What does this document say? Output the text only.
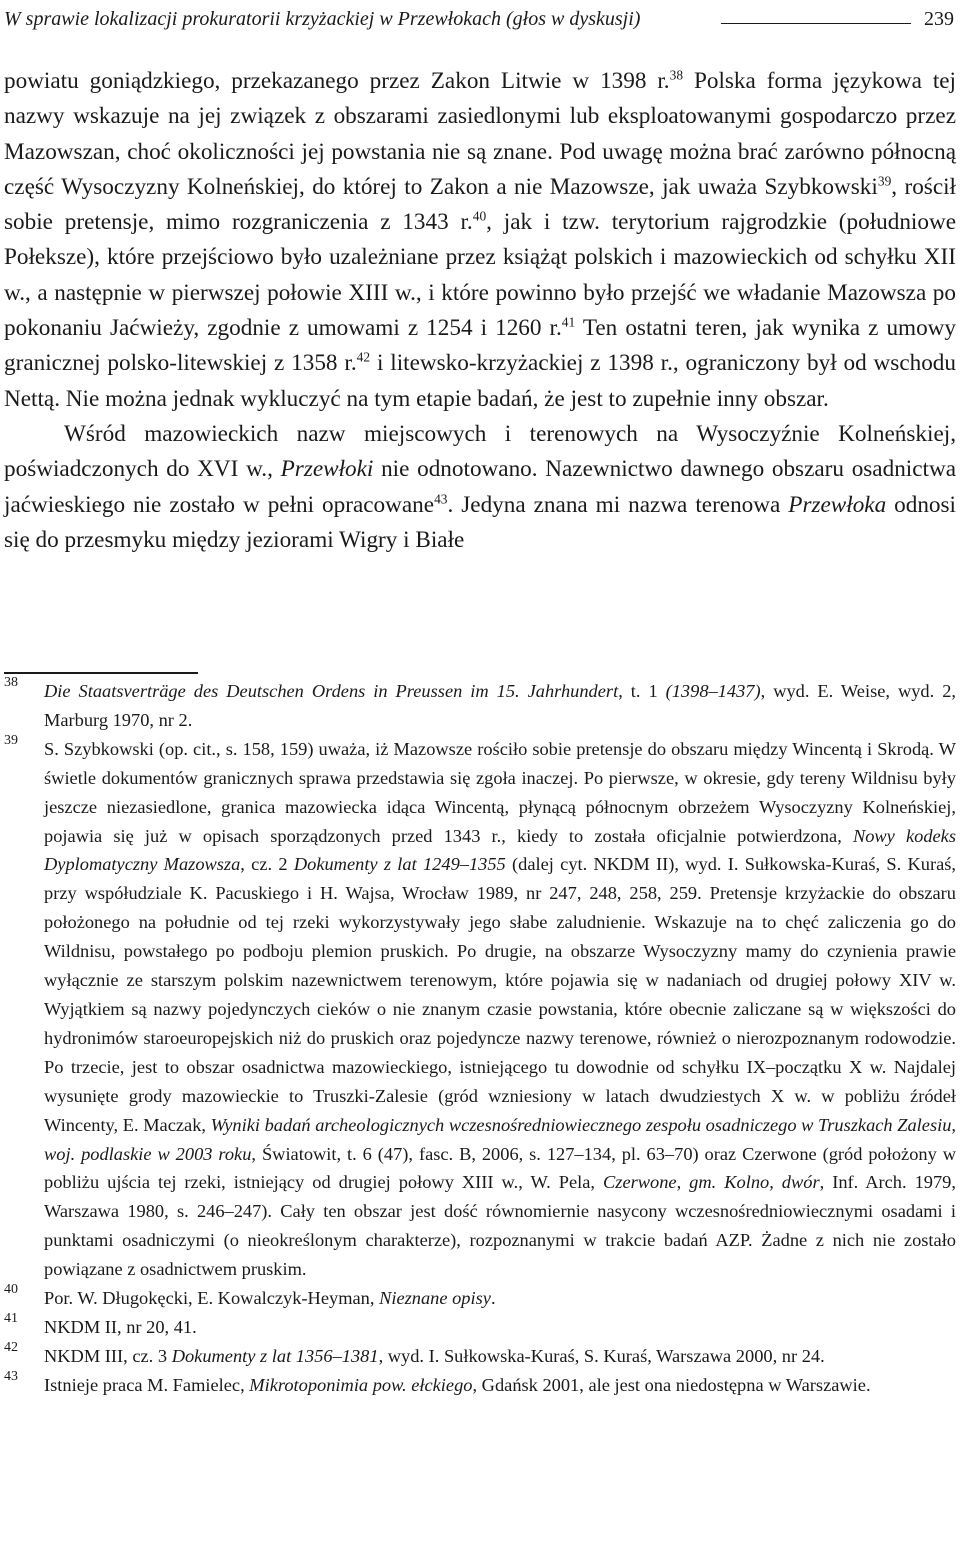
W sprawie lokalizacji prokuratorii krzyżackiej w Przewłokach (głos w dyskusji)	239

powiatu goniądzkiego, przekazanego przez Zakon Litwie w 1398 r.$^{38}$ Polska forma językowa tej nazwy wskazuje na jej związek z obszarami zasiedlonymi lub eksploatowanymi gospodarczo przez Mazowszan, choć okoliczności jej powstania nie są znane. Pod uwagę można brać zarówno północną część Wysoczyzny Kolneńskiej, do której to Zakon a nie Mazowsze, jak uważa Szybkowski$^{39}$, rościł sobie pretensje, mimo rozgraniczenia z 1343 r.$^{40}$, jak i tzw. terytorium rajgrodzkie (południowe Połeksze), które przejściowo było uzależniane przez książąt polskich i mazowieckich od schyłku XII w., a następnie w pierwszej połowie XIII w., i które powinno było przejść we władanie Mazowsza po pokonaniu Jaćwieży, zgodnie z umowami z 1254 i 1260 r.$^{41}$ Ten ostatni teren, jak wynika z umowy granicznej polsko-litewskiej z 1358 r.$^{42}$ i litewsko-krzyżackiej z 1398 r., ograniczony był od wschodu Nettą. Nie można jednak wykluczyć na tym etapie badań, że jest to zupełnie inny obszar.

Wśród mazowieckich nazw miejscowych i terenowych na Wysoczyźnie Kolneńskiej, poświadczonych do XVI w., Przewłoki nie odnotowano. Nazewnictwo dawnego obszaru osadnictwa jaćwieskiego nie zostało w pełni opracowane$^{43}$. Jedyna znana mi nazwa terenowa Przewłoka odnosi się do przesmyku między jeziorami Wigry i Białe

38 Die Staatsverträge des Deutschen Ordens in Preussen im 15. Jahrhundert, t. 1 (1398–1437), wyd. E. Weise, wyd. 2, Marburg 1970, nr 2.
39 S. Szybkowski (op. cit., s. 158, 159) uważa, iż Mazowsze rościło sobie pretensje do obszaru między Wincentą i Skrodą. W świetle dokumentów granicznych sprawa przedstawia się zgoła inaczej. Po pierwsze, w okresie, gdy tereny Wildnisu były jeszcze niezasiedlone, granica mazowiecka idąca Wincentą, płynącą północnym obrzeżem Wysoczyzny Kolneńskiej, pojawia się już w opisach sporządzonych przed 1343 r., kiedy to została oficjalnie potwierdzona, Nowy kodeks Dyplomatyczny Mazowsza, cz. 2 Dokumenty z lat 1249–1355 (dalej cyt. NKDM II), wyd. I. Sułkowska-Kuraś, S. Kuraś, przy współudziale K. Pacuskiego i H. Wajsa, Wrocław 1989, nr 247, 248, 258, 259. Pretensje krzyżackie do obszaru położonego na południe od tej rzeki wykorzystywały jego słabe zaludnienie. Wskazuje na to chęć zaliczenia go do Wildnisu, powstałego po podboju plemion pruskich. Po drugie, na obszarze Wysoczyzny mamy do czynienia prawie wyłącznie ze starszym polskim nazewnictwem terenowym, które pojawia się w nadaniach od drugiej połowy XIV w. Wyjątkiem są nazwy pojedynczych cieków o nie znanym czasie powstania, które obecnie zaliczane są w większości do hydronimów staroeuropejskich niż do pruskich oraz pojedyncze nazwy terenowe, również o nierozpoznanym rodowodzie. Po trzecie, jest to obszar osadnictwa mazowieckiego, istniejącego tu dowodnie od schyłku IX–początku X w. Najdalej wysunięte grody mazowieckie to Truszki-Zalesie (gród wzniesiony w latach dwudziestych X w. w pobliżu źródeł Wincenty, E. Maczak, Wyniki badań archeologicznych wczesnośredniowiecznego zespołu osadniczego w Truszkach Zalesiu, woj. podlaskie w 2003 roku, Światowit, t. 6 (47), fasc. B, 2006, s. 127–134, pl. 63–70) oraz Czerwone (gród położony w pobliżu ujścia tej rzeki, istniejący od drugiej połowy XIII w., W. Pela, Czerwone, gm. Kolno, dwór, Inf. Arch. 1979, Warszawa 1980, s. 246–247). Cały ten obszar jest dość równomiernie nasycony wczesnośredniowiecznymi osadami i punktami osadniczymi (o nieokreślonym charakterze), rozpoznanymi w trakcie badań AZP. Żadne z nich nie zostało powiązane z osadnictwem pruskim.
40 Por. W. Długokęcki, E. Kowalczyk-Heyman, Nieznane opisy.
41 NKDM II, nr 20, 41.
42 NKDM III, cz. 3 Dokumenty z lat 1356–1381, wyd. I. Sułkowska-Kuraś, S. Kuraś, Warszawa 2000, nr 24.
43 Istnieje praca M. Famielec, Mikrotoponimia pow. ełckiego, Gdańsk 2001, ale jest ona niedostępna w Warszawie.
